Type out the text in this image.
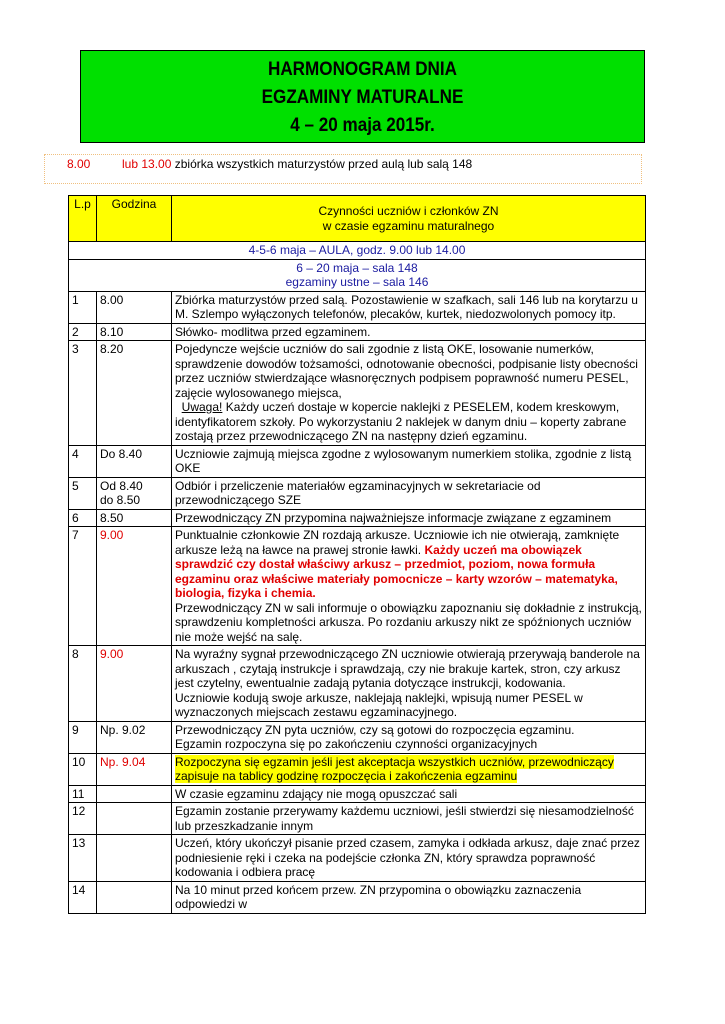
HARMONOGRAM DNIA
EGZAMINY MATURALNE
4 – 20 maja 2015r.
8.00	lub 13.00 zbiórka wszystkich maturzystów przed aulą lub salą 148
L.p	Godzina	Czynności uczniów i członków ZN
w czasie egzaminu maturalnego

4-5-6 maja – AULA, godz. 9.00 lub 14.00		

6 – 20 maja – sala 148
egzaminy ustne – sala 146		

1	8.00	Zbiórka maturzystów przed salą. Pozostawienie w szafkach, sali 146 lub na korytarzu u M. Szlempo wyłączonych telefonów, plecaków, kurtek, niedozwolonych pomocy itp.
2	8.10	Słówko- modlitwa przed egzaminem.
3	8.20	Pojedyncze wejście uczniów do sali zgodnie z listą OKE, losowanie numerków, sprawdzenie dowodów tożsamości, odnotowanie obecności, podpisanie listy obecności przez uczniów stwierdzające własnoręcznych podpisem poprawność numeru PESEL, zajęcie wylosowanego miejsca,
Uwaga! Każdy uczeń dostaje w kopercie naklejki z PESELEM, kodem kreskowym, identyfikatorem szkoły. Po wykorzystaniu 2 naklejek w danym dniu – koperty zabrane zostają przez przewodniczącego ZN na następny dzień egzaminu.
4	Do 8.40	Uczniowie zajmują miejsca zgodne z wylosowanym numerkiem stolika, zgodnie z listą OKE
5	Od 8.40
do 8.50	Odbiór i przeliczenie materiałów egzaminacyjnych w sekretariacie od przewodniczącego SZE
6	8.50	Przewodniczący ZN przypomina najważniejsze informacje związane z egzaminem
7	9.00	Punktualnie członkowie ZN rozdają arkusze. Uczniowie ich nie otwierają, zamknięte arkusze leżą na ławce na prawej stronie ławki. Każdy uczeń ma obowiązek sprawdzić czy dostał właściwy arkusz – przedmiot, poziom, nowa formuła egzaminu oraz właściwe materiały pomocnicze – karty wzorów – matematyka, biologia, fizyka i chemia.
Przewodniczący ZN w sali informuje o obowiązku zapoznaniu się dokładnie z instrukcją, sprawdzeniu kompletności arkusza. Po rozdaniu arkuszy nikt ze spóźnionych uczniów nie może wejść na salę.
8	9.00	Na wyraźny sygnał przewodniczącego ZN uczniowie otwierają przerywają banderole na arkuszach , czytają instrukcje i sprawdzają, czy nie brakuje kartek, stron, czy arkusz jest czytelny, ewentualnie zadają pytania dotyczące instrukcji, kodowania.
Uczniowie kodują swoje arkusze, naklejają naklejki, wpisują numer PESEL w wyznaczonych miejscach zestawu egzaminacyjnego.
9	Np. 9.02	Przewodniczący ZN pyta uczniów, czy są gotowi do rozpoczęcia egzaminu.
Egzamin rozpoczyna się po zakończeniu czynności organizacyjnych

10	Np. 9.04	Rozpoczyna się egzamin jeśli jest akceptacja wszystkich uczniów, przewodniczący zapisuje na tablicy godzinę rozpoczęcia i zakończenia egzaminu
11		W czasie egzaminu zdający nie mogą opuszczać sali
12		Egzamin zostanie przerywamy każdemu uczniowi, jeśli stwierdzi się niesamodzielność lub przeszkadzanie innym
13		Uczeń, który ukończył pisanie przed czasem, zamyka i odkłada arkusz, daje znać przez podniesienie ręki i czeka na podejście członka ZN, który sprawdza poprawność kodowania i odbiera pracę
14		Na 10 minut przed końcem przew. ZN przypomina o obowiązku zaznaczenia odpowiedzi w
